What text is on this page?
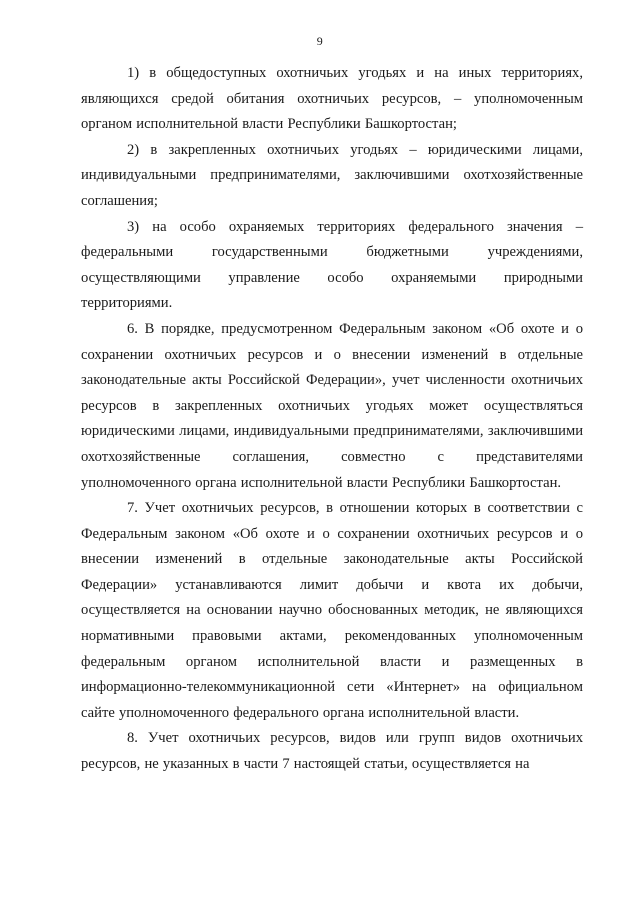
9

1) в общедоступных охотничьих угодьях и на иных территориях, являющихся средой обитания охотничьих ресурсов, – уполномоченным органом исполнительной власти Республики Башкортостан;

2) в закрепленных охотничьих угодьях – юридическими лицами, индивидуальными предпринимателями, заключившими охотхозяйственные соглашения;

3) на особо охраняемых территориях федерального значения – федеральными государственными бюджетными учреждениями, осуществляющими управление особо охраняемыми природными территориями.

6. В порядке, предусмотренном Федеральным законом «Об охоте и о сохранении охотничьих ресурсов и о внесении изменений в отдельные законодательные акты Российской Федерации», учет численности охотничьих ресурсов в закрепленных охотничьих угодьях может осуществляться юридическими лицами, индивидуальными предпринимателями, заключившими охотхозяйственные соглашения, совместно с представителями уполномоченного органа исполнительной власти Республики Башкортостан.

7. Учет охотничьих ресурсов, в отношении которых в соответствии с Федеральным законом «Об охоте и о сохранении охотничьих ресурсов и о внесении изменений в отдельные законодательные акты Российской Федерации» устанавливаются лимит добычи и квота их добычи, осуществляется на основании научно обоснованных методик, не являющихся нормативными правовыми актами, рекомендованных уполномоченным федеральным органом исполнительной власти и размещенных в информационно-телекоммуникационной сети «Интернет» на официальном сайте уполномоченного федерального органа исполнительной власти.

8. Учет охотничьих ресурсов, видов или групп видов охотничьих ресурсов, не указанных в части 7 настоящей статьи, осуществляется на
